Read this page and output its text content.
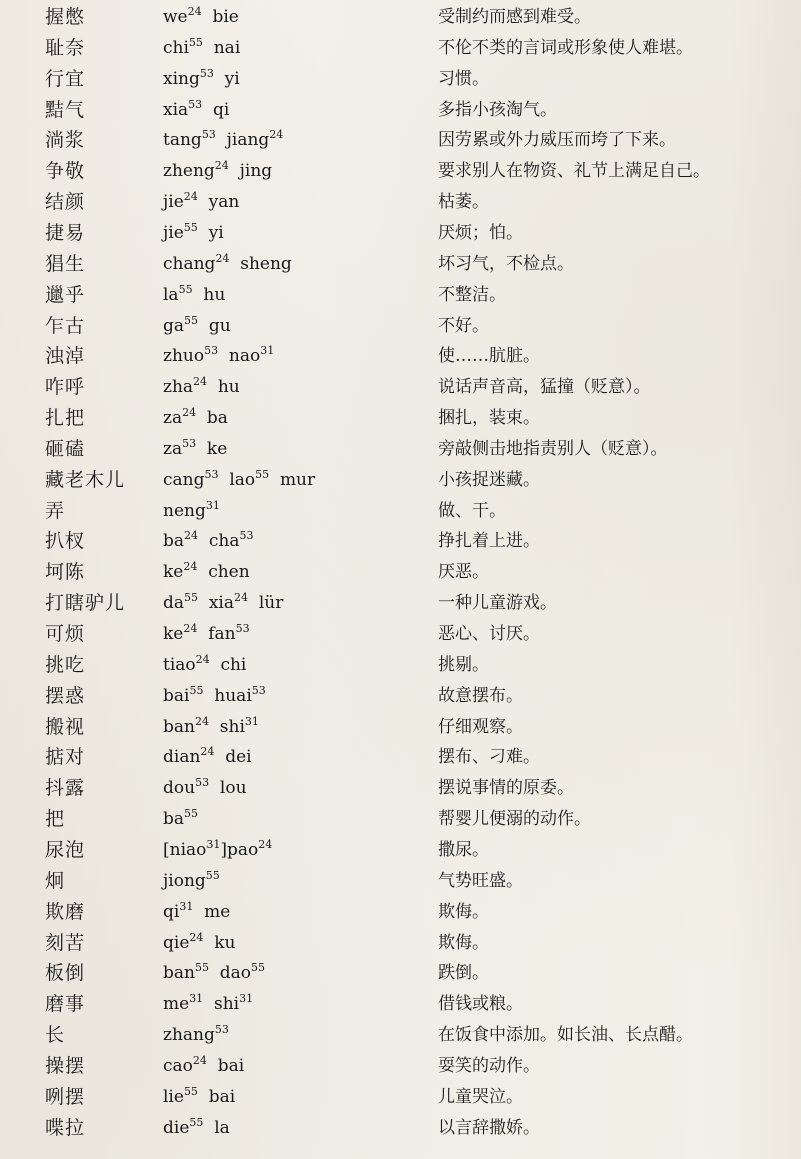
握憋	$we^{24}$ bie	受制约而感到难受。
耻奈	chi$^{55}$ nai	不伦不类的言词或形象使人难堪。
行宜	xing$^{53}$ yi	习惯。
黠气	xia$^{53}$ qi	多指小孩淘气。
淌浆	tang$^{53}$ jiang$^{24}$	因劳累或外力威压而垮了下来。
争敬	zheng$^{24}$ jing	要求别人在物资、礼节上满足自己。
结颜	jie$^{24}$ yan	枯萎。
捷易	jie$^{55}$ yi	厌烦；怕。
猖生	chang$^{24}$ sheng	坏习气，不检点。
邋乎	$la^{55}$ hu	不整洁。
乍古	$ga^{55}$ gu	不好。
浊淖	zhuo$^{53}$ nao$^{31}$	使……肮脏。
咋呼	zha$^{24}$ hu	说话声音高，猛撞（贬意）。
扎把	$za^{24}$ ba	捆扎，装束。
砸磕	$za^{53}$ ke	旁敲侧击地指责别人（贬意）。
藏老木儿 cang$^{53}$ lao$^{55}$ mur	小孩捉迷藏。
弄	neng$^{31}$	做、干。
扒杈	$ba^{24}$ cha$^{53}$	挣扎着上进。
坷陈	$ke^{24}$ chen	厌恶。
打瞎驴儿 $da^{55}$ xia$^{24}$ lür	一种儿童游戏。
可烦	$ke^{24}$ fan$^{53}$	恶心、讨厌。
挑吃	tiao$^{24}$ chi	挑剔。
摆惑	bai$^{55}$ huai$^{53}$	故意摆布。
搬视	ban$^{24}$ shi$^{31}$	仔细观察。
掂对	dian$^{24}$ dei	摆布、刁难。
抖露	dou$^{53}$ lou	摆说事情的原委。
把	$ba^{55}$	帮婴儿便溺的动作。
尿泡	[niao$^{31}$]pao$^{24}$	撒尿。
炯	jiong$^{55}$	气势旺盛。
欺磨	$qi^{31}$ me	欺侮。
刻苦	qie$^{24}$ ku	欺侮。
板倒	ban$^{55}$ dao$^{55}$	跌倒。
磨事	$me^{31}$ shi$^{31}$	借钱或粮。
长	zhang$^{53}$	在饭食中添加。如长油、长点醋。
操摆	cao$^{24}$ bai	耍笑的动作。
咧摆	lie$^{55}$ bai	儿童哭泣。
喋拉	die$^{55}$ la	以言辞撒娇。
